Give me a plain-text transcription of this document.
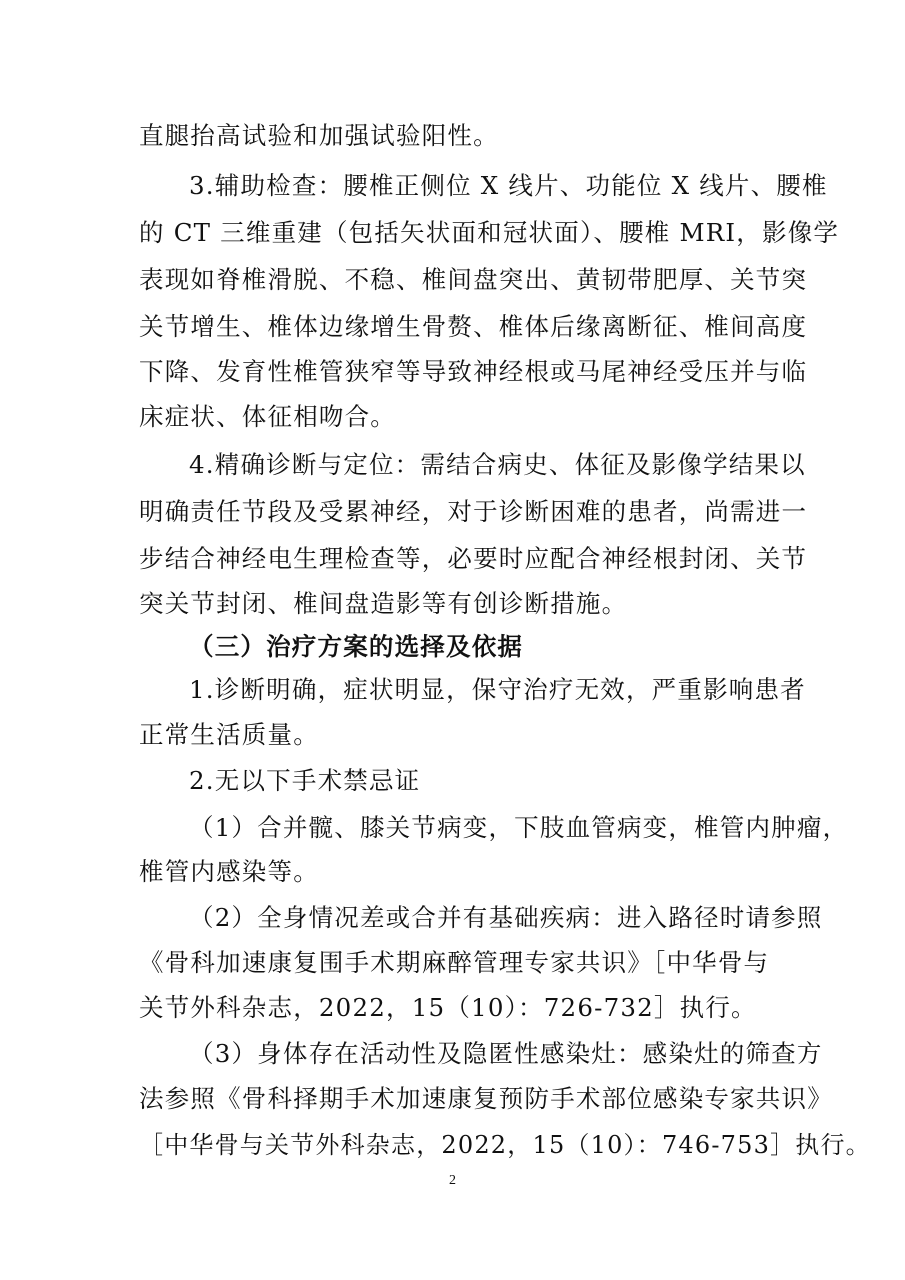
直腿抬高试验和加强试验阳性。
3.辅助检查：腰椎正侧位 X 线片、功能位 X 线片、腰椎
的 CT 三维重建（包括矢状面和冠状面）、腰椎 MRI，影像学
表现如脊椎滑脱、不稳、椎间盘突出、黄韧带肥厚、关节突
关节增生、椎体边缘增生骨赘、椎体后缘离断征、椎间高度
下降、发育性椎管狭窄等导致神经根或马尾神经受压并与临
床症状、体征相吻合。
4.精确诊断与定位：需结合病史、体征及影像学结果以
明确责任节段及受累神经，对于诊断困难的患者，尚需进一
步结合神经电生理检查等，必要时应配合神经根封闭、关节
突关节封闭、椎间盘造影等有创诊断措施。
（三）治疗方案的选择及依据
1.诊断明确，症状明显，保守治疗无效，严重影响患者
正常生活质量。
2.无以下手术禁忌证
（1）合并髋、膝关节病变，下肢血管病变，椎管内肿瘤，
椎管内感染等。
（2）全身情况差或合并有基础疾病：进入路径时请参照
《骨科加速康复围手术期麻醉管理专家共识》［中华骨与
关节外科杂志，2022，15（10）：726-732］执行。
（3）身体存在活动性及隐匿性感染灶：感染灶的筛查方
法参照《骨科择期手术加速康复预防手术部位感染专家共识》
［中华骨与关节外科杂志，2022，15（10）：746-753］执行。
2
